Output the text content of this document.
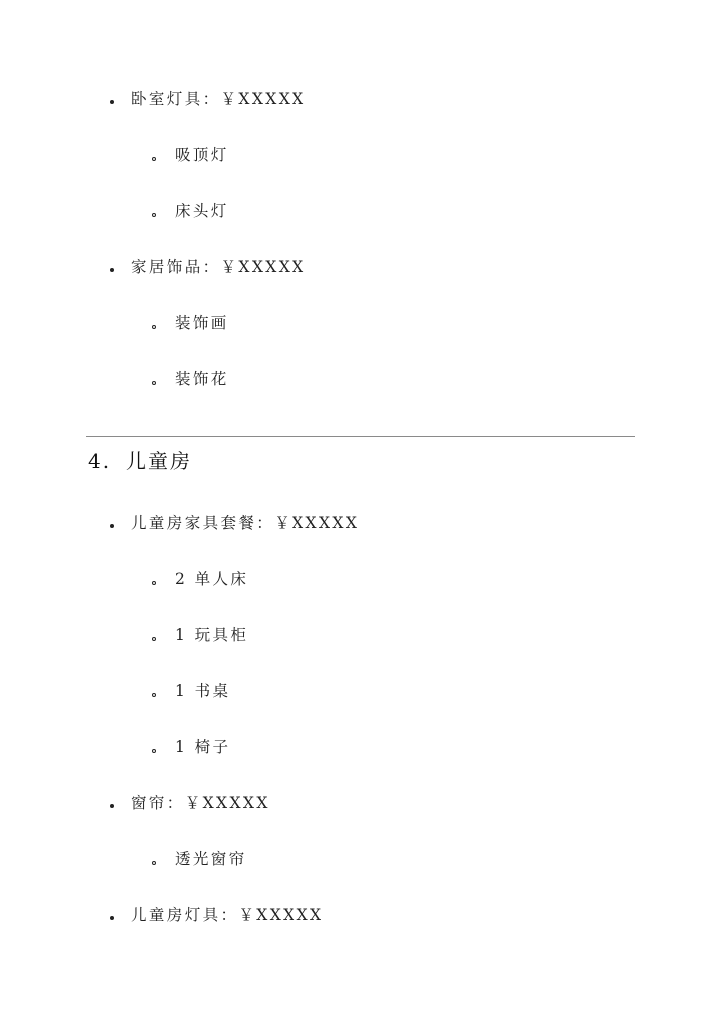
卧室灯具：￥XXXXX
吸顶灯
床头灯
家居饰品：￥XXXXX
装饰画
装饰花
4. 儿童房
儿童房家具套餐：￥XXXXX
2 单人床
1 玩具柜
1 书桌
1 椅子
窗帘：￥XXXXX
透光窗帘
儿童房灯具：￥XXXXX
